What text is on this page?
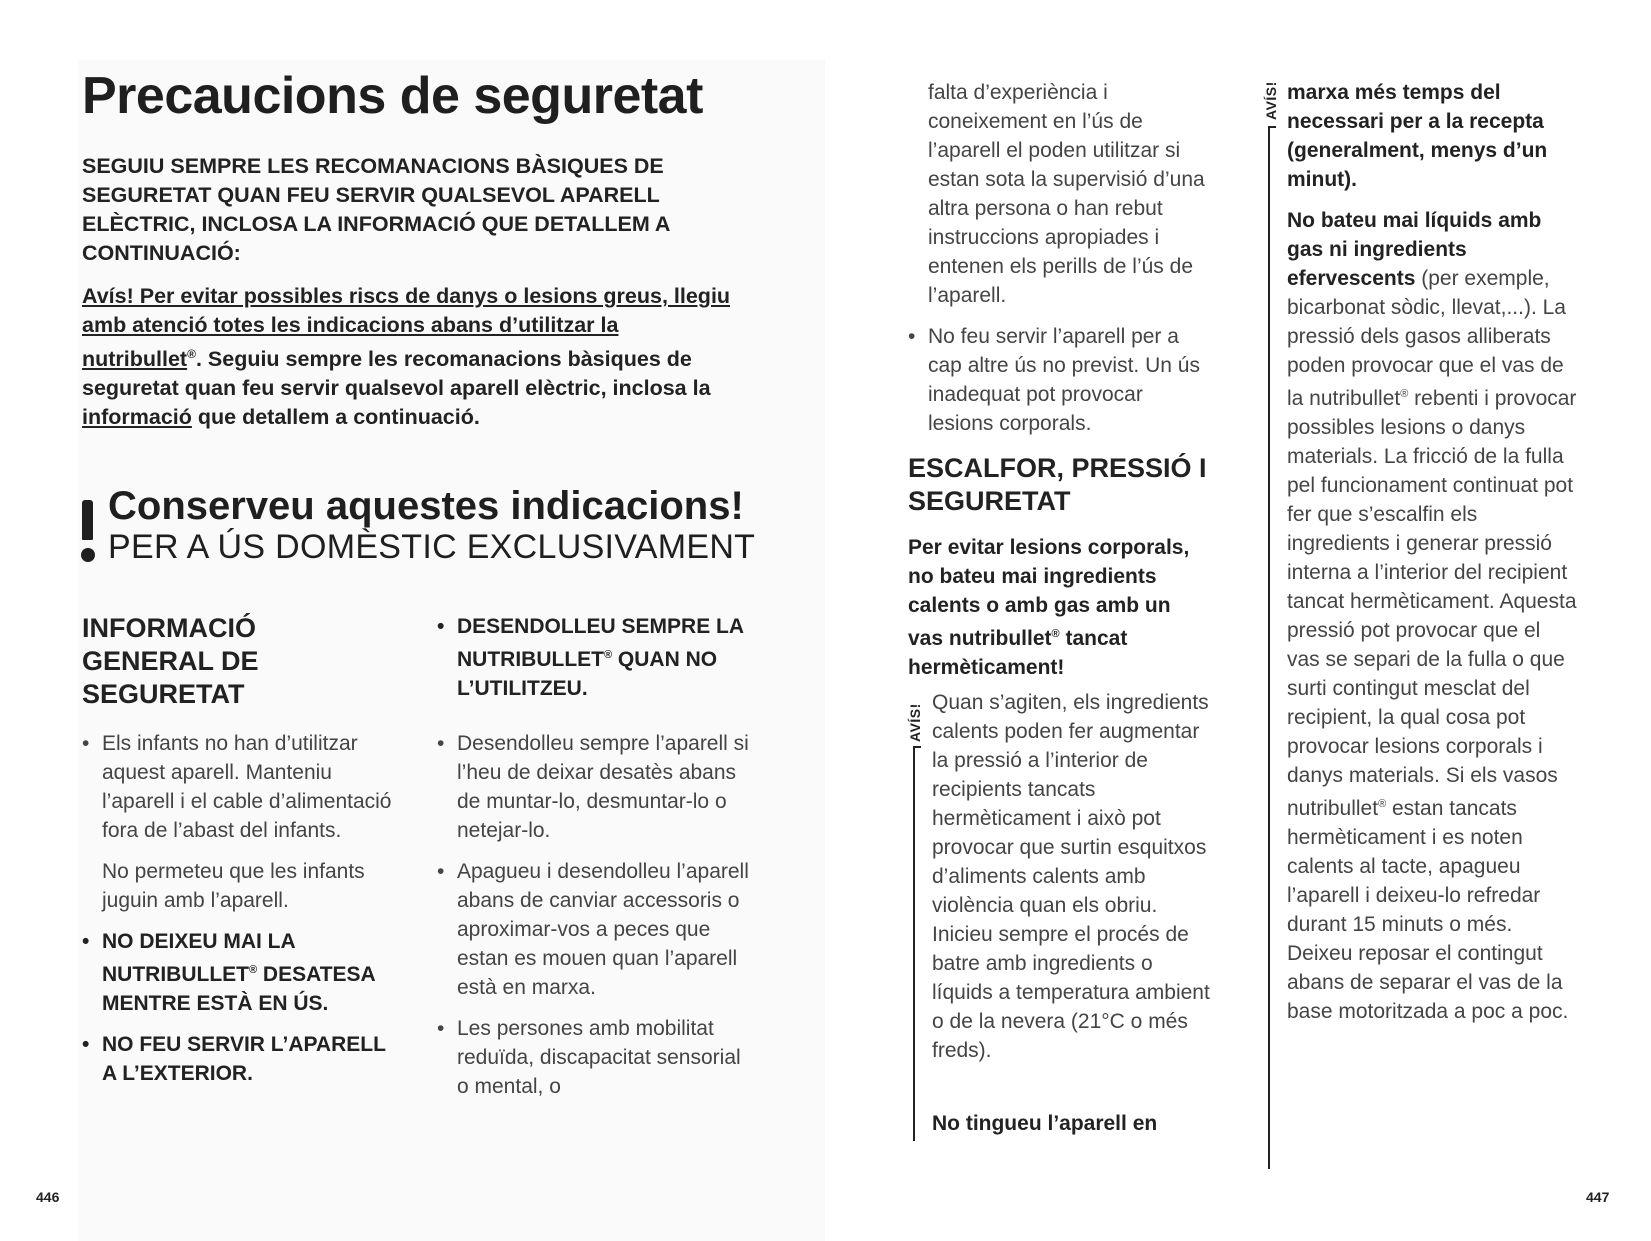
Precaucions de seguretat
SEGUIU SEMPRE LES RECOMANACIONS BÀSIQUES DE SEGURETAT QUAN FEU SERVIR QUALSEVOL APARELL ELÈCTRIC, INCLOSA LA INFORMACIÓ QUE DETALLEM A CONTINUACIÓ:
Avís! Per evitar possibles riscs de danys o lesions greus, llegiu amb atenció totes les indicacions abans d’utilitzar la nutribullet®. Seguiu sempre les recomanacions bàsiques de seguretat quan feu servir qualsevol aparell elèctric, inclosa la informació que detallem a continuació.
Conserveu aquestes indicacions!
PER A ÚS DOMÈSTIC EXCLUSIVAMENT
INFORMACIÓ GENERAL DE SEGURETAT
• Els infants no han d’utilitzar aquest aparell. Manteniu l’aparell i el cable d’alimentació fora de l’abast del infants.
No permeteu que les infants juguin amb l’aparell.
• NO DEIXEU MAI LA NUTRIBULLET® DESATESA MENTRE ESTÀ EN ÚS.
• NO FEU SERVIR L’APARELL A L’EXTERIOR.
• DESENDOLLEU SEMPRE LA NUTRIBULLET® QUAN NO L’UTILITZEU.
• Desendolleu sempre l’aparell si l’heu de deixar desatès abans de muntar-lo, desmuntar-lo o netejar-lo.
• Apagueu i desendolleu l’aparell abans de canviar accessoris o aproximar-vos a peces que estan es mouen quan l’aparell està en marxa.
• Les persones amb mobilitat reduïda, discapacitat sensorial o mental, o
446
falta d’experiència i coneixement en l’ús de l’aparell el poden utilitzar si estan sota la supervisió d’una altra persona o han rebut instruccions apropiades i entenen els perills de l’ús de l’aparell.
• No feu servir l’aparell per a cap altre ús no previst. Un ús inadequat pot provocar lesions corporals.
ESCALFOR, PRESSIÓ I SEGURETAT
Per evitar lesions corporals, no bateu mai ingredients calents o amb gas amb un vas nutribullet® tancat hermèticament!
AVÍS!
Quan s’agiten, els ingredients calents poden fer augmentar la pressió a l’interior de recipients tancats hermèticament i això pot provocar que surtin esquitxos d’aliments calents amb violència quan els obriu. Inicieu sempre el procés de batre amb ingredients o líquids a temperatura ambient o de la nevera (21°C o més freds).
No tingueu l’aparell en
AVÍS! marxa més temps del necessari per a la recepta (generalment, menys d’un minut).
No bateu mai líquids amb gas ni ingredients efervescents (per exemple, bicarbonat sòdic, llevat,...). La pressió dels gasos alliberats poden provocar que el vas de la nutribullet® rebenti i provocar possibles lesions o danys materials. La fricció de la fulla pel funcionament continuat pot fer que s’escalfin els ingredients i generar pressió interna a l’interior del recipient tancat hermèticament. Aquesta pressió pot provocar que el vas se separi de la fulla o que surti contingut mesclat del recipient, la qual cosa pot provocar lesions corporals i danys materials. Si els vasos nutribullet® estan tancats hermèticament i es noten calents al tacte, apagueu l’aparell i deixeu-lo refredar durant 15 minuts o més. Deixeu reposar el contingut abans de separar el vas de la base motoritzada a poc a poc.
447
